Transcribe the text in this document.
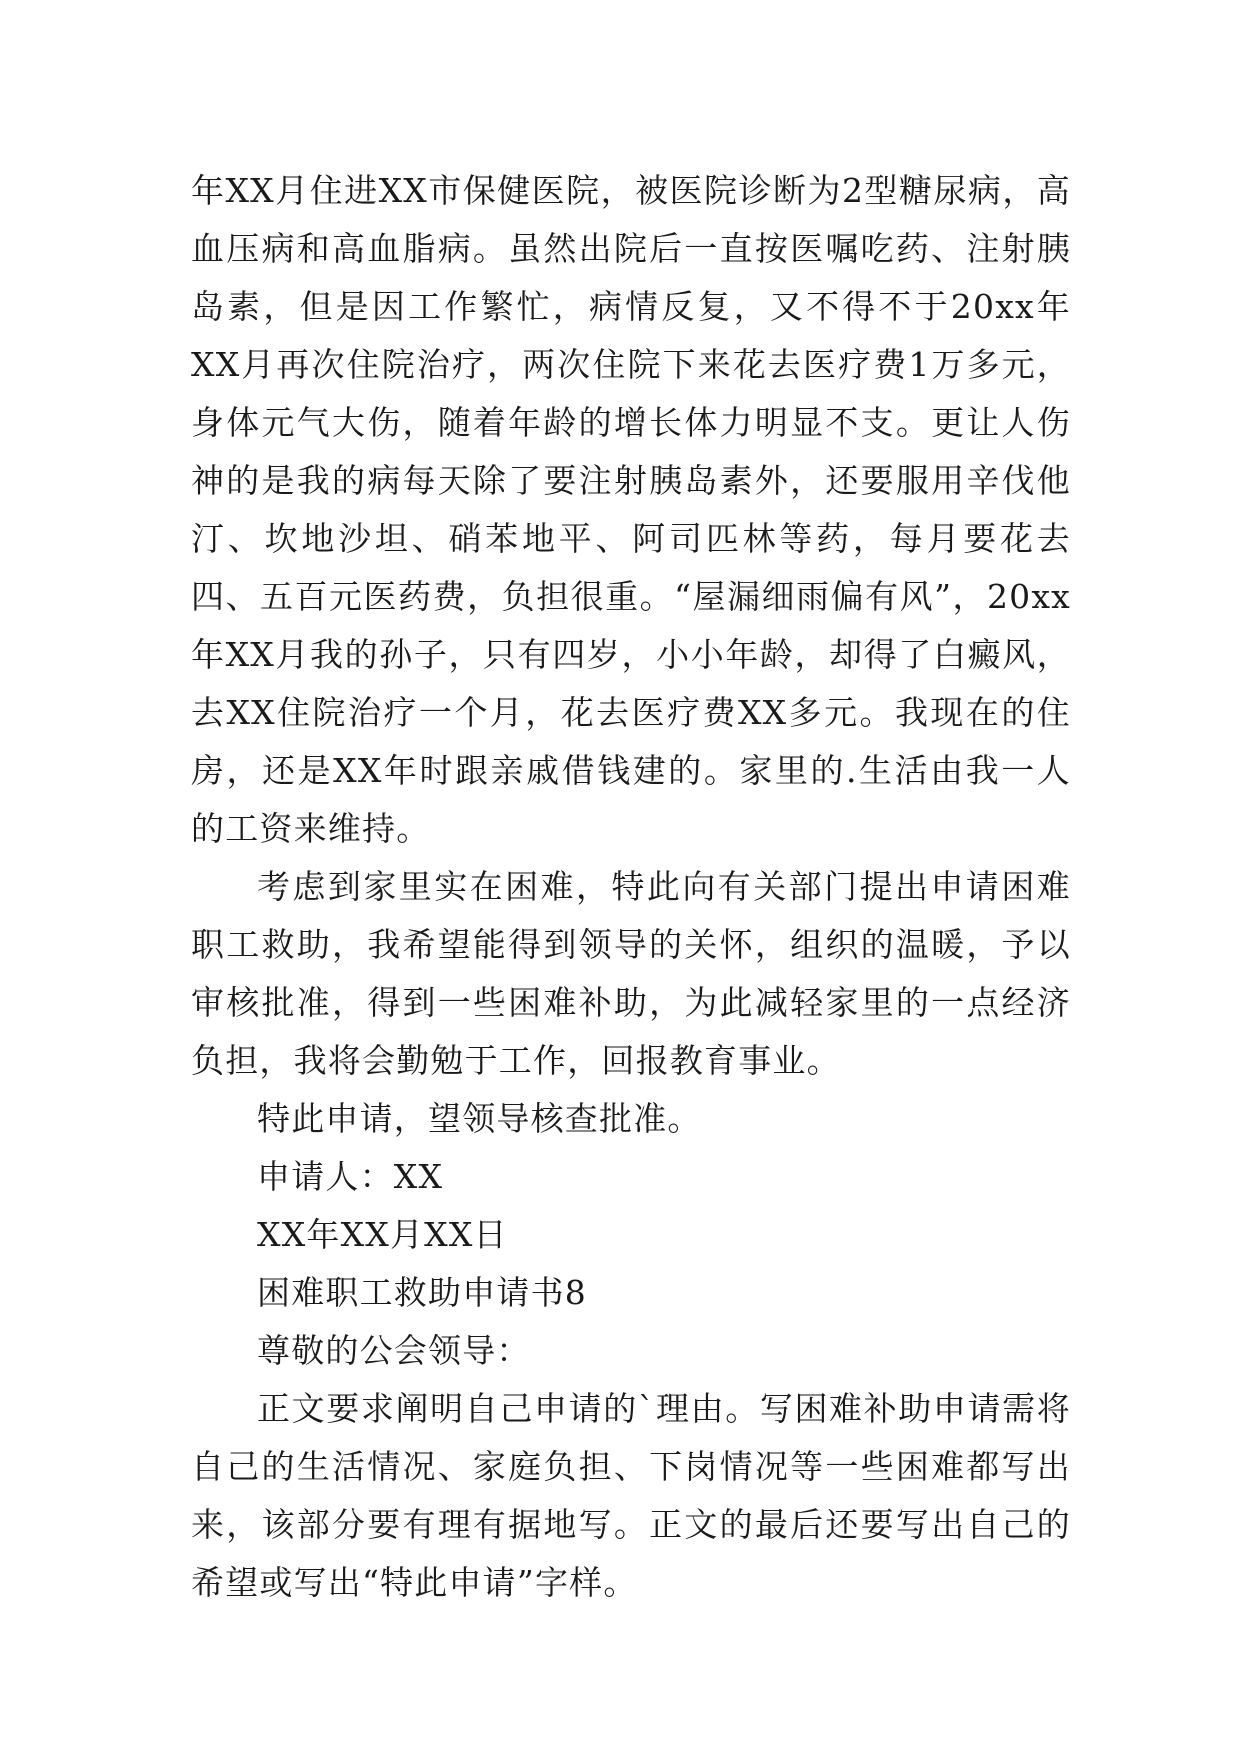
年XX月住进XX市保健医院，被医院诊断为2型糖尿病，高血压病和高血脂病。虽然出院后一直按医嘱吃药、注射胰岛素，但是因工作繁忙，病情反复，又不得不于20xx年XX月再次住院治疗，两次住院下来花去医疗费1万多元，身体元气大伤，随着年龄的增长体力明显不支。更让人伤神的是我的病每天除了要注射胰岛素外，还要服用辛伐他汀、坎地沙坦、硝苯地平、阿司匹林等药，每月要花去四、五百元医药费，负担很重。“屋漏细雨偏有风”，20xx年XX月我的孙子，只有四岁，小小年龄，却得了白癜风，去XX住院治疗一个月，花去医疗费XX多元。我现在的住房，还是XX年时跟亲戚借钱建的。家里的.生活由我一人的工资来维持。

考虑到家里实在困难，特此向有关部门提出申请困难职工救助，我希望能得到领导的关怀，组织的温暖，予以审核批准，得到一些困难补助，为此减轻家里的一点经济负担，我将会勤勉于工作，回报教育事业。

特此申请，望领导核查批准。

申请人：XX

XX年XX月XX日

困难职工救助申请书8

尊敬的公会领导：

正文要求阐明自己申请的`理由。写困难补助申请需将自己的生活情况、家庭负担、下岗情况等一些困难都写出来，该部分要有理有据地写。正文的最后还要写出自己的希望或写出“特此申请”字样。
